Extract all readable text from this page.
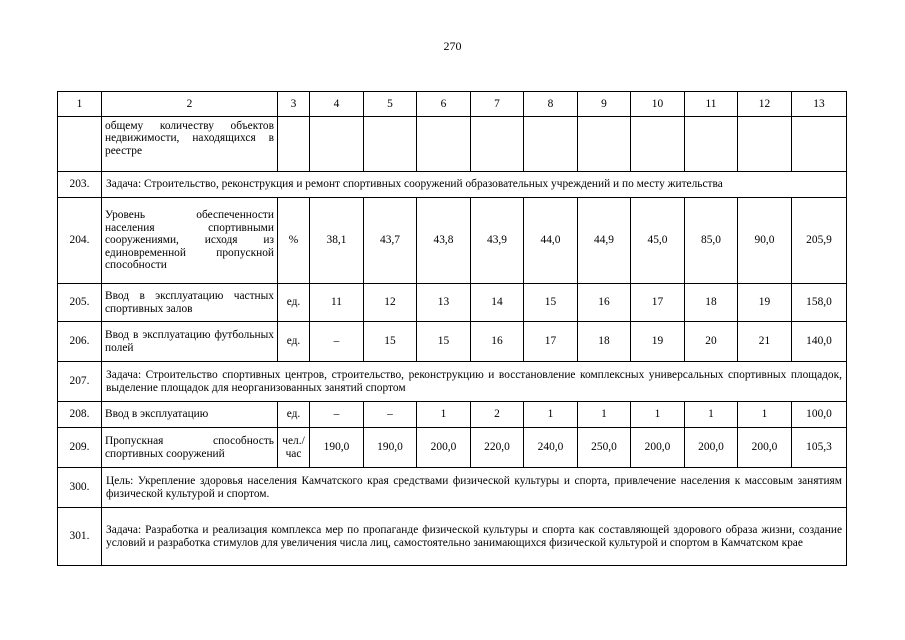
270
1	2	3	4	5	6	7	8	9	10	11	12	13
	общему количеству объектов недвижимости, находящихся в реестре											
203.	Задача: Строительство, реконструкция и ремонт спортивных сооружений образовательных учреждений и по месту жительства											
204.	Уровень обеспеченности населения спортивными сооружениями, исходя из единовременной пропускной способности	%	38,1	43,7	43,8	43,9	44,0	44,9	45,0	85,0	90,0	205,9
205.	Ввод в эксплуатацию частных спортивных залов	ед.	11	12	13	14	15	16	17	18	19	158,0
206.	Ввод в эксплуатацию футбольных полей	ед.	–	15	15	16	17	18	19	20	21	140,0
207.	Задача: Строительство спортивных центров, строительство, реконструкцию и восстановление комплексных универсальных спортивных площадок, выделение площадок для неорганизованных занятий спортом											
208.	Ввод в эксплуатацию	ед.	–	–	1	2	1	1	1	1	1	100,0
209.	Пропускная способность спортивных сооружений	чел./час	190,0	190,0	200,0	220,0	240,0	250,0	200,0	200,0	200,0	105,3
300.	Цель: Укрепление здоровья населения Камчатского края средствами физической культуры и спорта, привлечение населения к массовым занятиям физической культурой и спортом.											
301.	Задача: Разработка и реализация комплекса мер по пропаганде физической культуры и спорта как составляющей здорового образа жизни, создание условий и разработка стимулов для увеличения числа лиц, самостоятельно занимающихся физической культурой и спортом в Камчатском крае											
